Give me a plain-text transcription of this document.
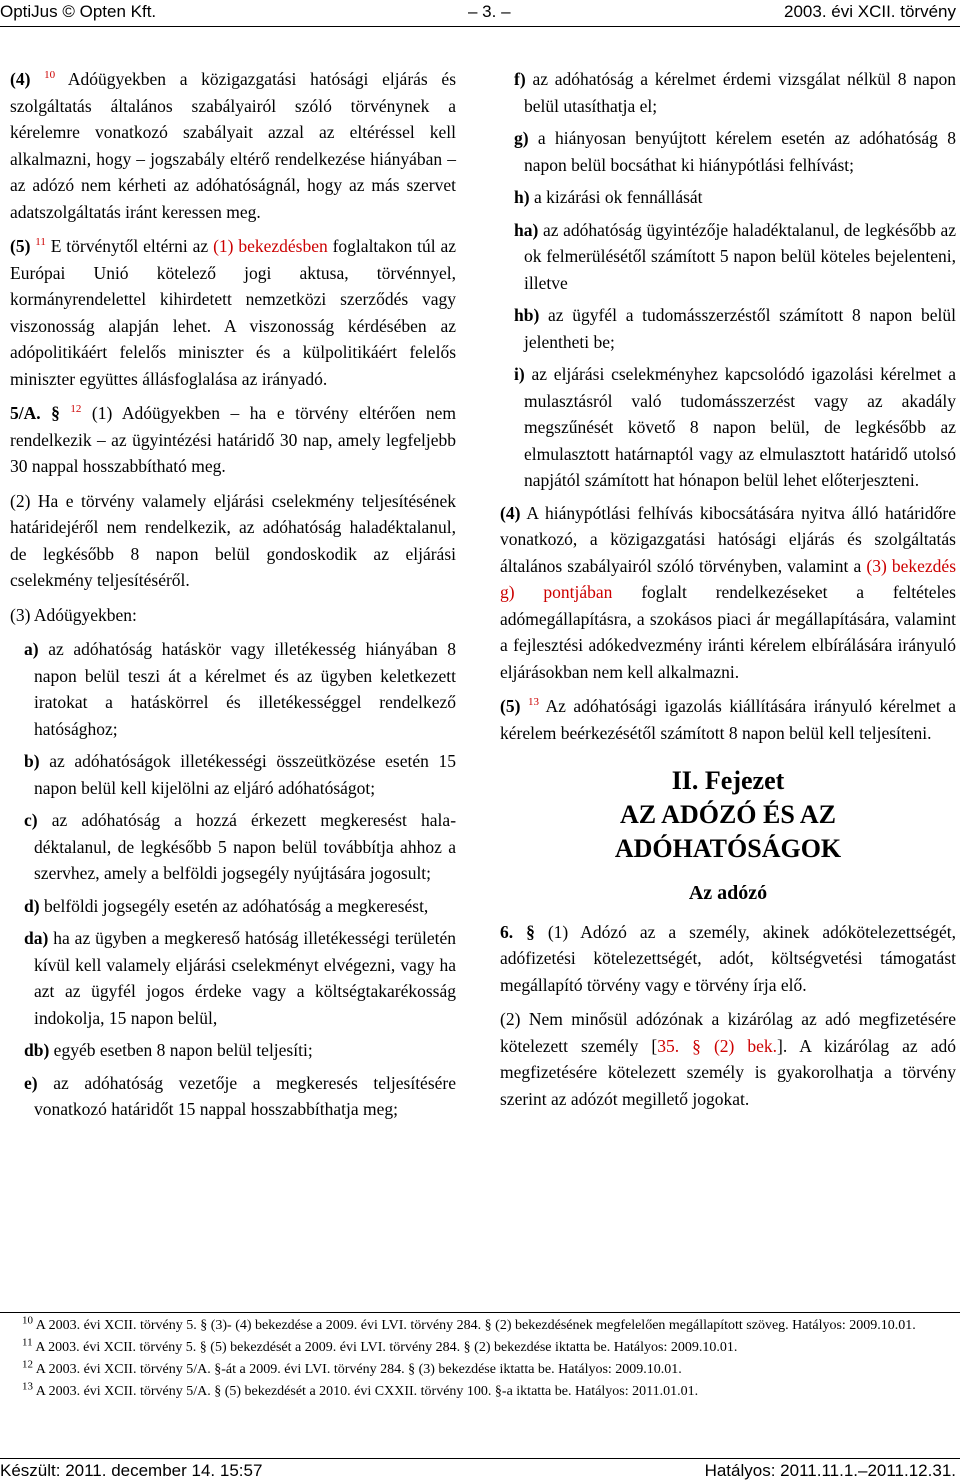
OptiJus © Opten Kft.	– 3. –	2003. évi XCII. törvény

(4) $^{10}$ Adóügyekben a közigazgatási hatósági eljárás és szolgáltatás általános szabályairól szóló törvénynek a kérelemre vonatkozó szabályait azzal az eltéréssel kell alkalmazni, hogy – jogszabály eltérő rendelkezése hiányában – az adózó nem kérheti az adóhatóságnál, hogy az más szervet adatszolgáltatás iránt keressen meg.

(5) $^{11}$ E törvénytől eltérni az (1) bekezdésben foglaltakon túl az Európai Unió kötelező jogi aktusa, törvénnyel, kormányrendelettel kihirdetett nemzetközi szerződés vagy viszonosság alapján lehet. A viszonosság kérdésében az adópolitikáért felelős miniszter és a külpolitikáért felelős miniszter együttes állásfoglalása az irányadó.

5/A. § $^{12}$ (1) Adóügyekben – ha e törvény eltérően nem rendelkezik – az ügyintézési határidő 30 nap, amely legfeljebb 30 nappal hosszabbítható meg.

(2) Ha e törvény valamely eljárási cselekmény teljesítésének határidejéről nem rendelkezik, az adóhatóság haladéktalanul, de legkésőbb 8 napon belül gondoskodik az eljárási cselekmény teljesítéséről.

(3) Adóügyekben:

a) az adóhatóság hatáskör vagy illetékesség hiányában 8 napon belül teszi át a kérelmet és az ügyben keletkezett iratokat a hatáskörrel és illetékességgel rendelkező hatósághoz;

b) az adóhatóságok illetékességi összeütközése esetén 15 napon belül kell kijelölni az eljáró adóhatóságot;

c) az adóhatóság a hozzá érkezett megkeresést haladéktalanul, de legkésőbb 5 napon belül továbbítja ahhoz a szervhez, amely a belföldi jogsegély nyújtására jogosult;

d) belföldi jogsegély esetén az adóhatóság a megkeresést,

da) ha az ügyben a megkereső hatóság illetékességi területén kívül kell valamely eljárási cselekményt elvégezni, vagy ha azt az ügyfél jogos érdeke vagy a költségtakarékosság indokolja, 15 napon belül,

db) egyéb esetben 8 napon belül teljesíti;

e) az adóhatóság vezetője a megkeresés teljesítésére vonatkozó határidőt 15 nappal hosszabbíthatja meg;

f) az adóhatóság a kérelmet érdemi vizsgálat nélkül 8 napon belül utasíthatja el;

g) a hiányosan benyújtott kérelem esetén az adóhatóság 8 napon belül bocsáthat ki hiánypótlási felhívást;

h) a kizárási ok fennállását

ha) az adóhatóság ügyintézője haladéktalanul, de legkésőbb az ok felmerülésétől számított 5 napon belül köteles bejelenteni, illetve

hb) az ügyfél a tudomásszerzéstől számított 8 napon belül jelentheti be;

i) az eljárási cselekményhez kapcsolódó igazolási kérelmet a mulasztásról való tudomásszerzést vagy az akadály megszűnését követő 8 napon belül, de legkésőbb az elmulasztott határnaptól vagy az elmulasztott határidő utolsó napjától számított hat hónapon belül lehet előterjeszteni.

(4) A hiánypótlási felhívás kibocsátására nyitva álló határidőre vonatkozó, a közigazgatási hatósági eljárás és szolgáltatás általános szabályairól szóló törvényben, valamint a (3) bekezdés g) pontjában foglalt rendelkezéseket a feltételes adómegállapításra, a szokásos piaci ár megállapítására, valamint a fejlesztési adókedvezmény iránti kérelem elbírálására irányuló eljárásokban nem kell alkalmazni.

(5) $^{13}$ Az adóhatósági igazolás kiállítására irányuló kérelmet a kérelem beérkezésétől számított 8 napon belül kell teljesíteni.

II. Fejezet
AZ ADÓZÓ ÉS AZ
ADÓHATÓSÁGOK
Az adózó

6. § (1) Adózó az a személy, akinek adókötelezettségét, adófizetési kötelezettségét, adót, költségvetési támogatást megállapító törvény vagy e törvény írja elő.

(2) Nem minősül adózónak a kizárólag az adó megfizetésére kötelezett személy [35. § (2) bek.]. A kizárólag az adó megfizetésére kötelezett személy is gyakorolhatja a törvény szerint az adózót megillető jogokat.

$^{10}$ A 2003. évi XCII. törvény 5. § (3)- (4) bekezdése a 2009. évi LVI. törvény 284. § (2) bekezdésének megfelelően megállapított szöveg. Hatályos: 2009.10.01.

$^{11}$ A 2003. évi XCII. törvény 5. § (5) bekezdését a 2009. évi LVI. törvény 284. § (2) bekezdése iktatta be. Hatályos: 2009.10.01.

$^{12}$ A 2003. évi XCII. törvény 5/A. §-át a 2009. évi LVI. törvény 284. § (3) bekezdése iktatta be. Hatályos: 2009.10.01.

$^{13}$ A 2003. évi XCII. törvény 5/A. § (5) bekezdését a 2010. évi CXXII. törvény 100. §-a iktatta be. Hatályos: 2011.01.01.

Készült: 2011. december 14. 15:57	Hatályos: 2011.11.1.–2011.12.31.
